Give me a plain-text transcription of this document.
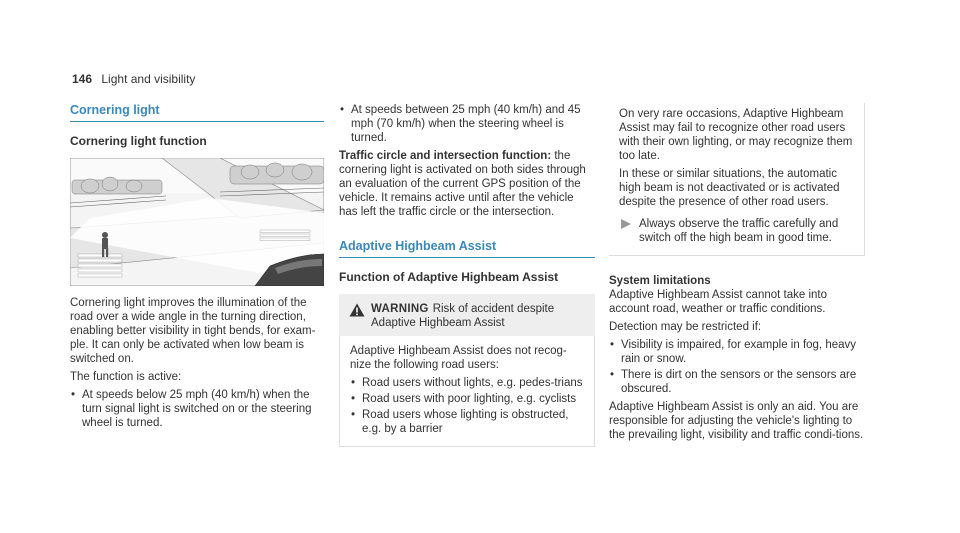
146 Light and visibility
Cornering light
Cornering light function

Cornering light improves the illumination of the road over a wide angle in the turning direction, enabling better visibility in tight bends, for exam-ple. It can only be activated when low beam is switched on.

The function is active:

• At speeds below 25 mph (40 km/h) when the turn signal light is switched on or the steering wheel is turned.
• At speeds between 25 mph (40 km/h) and 45 mph (70 km/h) when the steering wheel is turned.

Traffic circle and intersection function: the cornering light is activated on both sides through an evaluation of the current GPS position of the vehicle. It remains active until after the vehicle has left the traffic circle or the intersection.

Adaptive Highbeam Assist
Function of Adaptive Highbeam Assist
WARNING Risk of accident despite Adaptive Highbeam Assist

Adaptive Highbeam Assist does not recog-nize the following road users:

• Road users without lights, e.g. pedes-trians
• Road users with poor lighting, e.g. cyclists
• Road users whose lighting is obstructed, e.g. by a barrier

On very rare occasions, Adaptive Highbeam Assist may fail to recognize other road users with their own lighting, or may recognize them too late.

In these or similar situations, the automatic high beam is not deactivated or is activated despite the presence of other road users.

Always observe the traffic carefully and switch off the high beam in good time.
System limitations

Adaptive Highbeam Assist cannot take into account road, weather or traffic conditions.

Detection may be restricted if:

• Visibility is impaired, for example in fog, heavy rain or snow.
• There is dirt on the sensors or the sensors are obscured.

Adaptive Highbeam Assist is only an aid. You are responsible for adjusting the vehicle's lighting to the prevailing light, visibility and traffic condi-tions.
